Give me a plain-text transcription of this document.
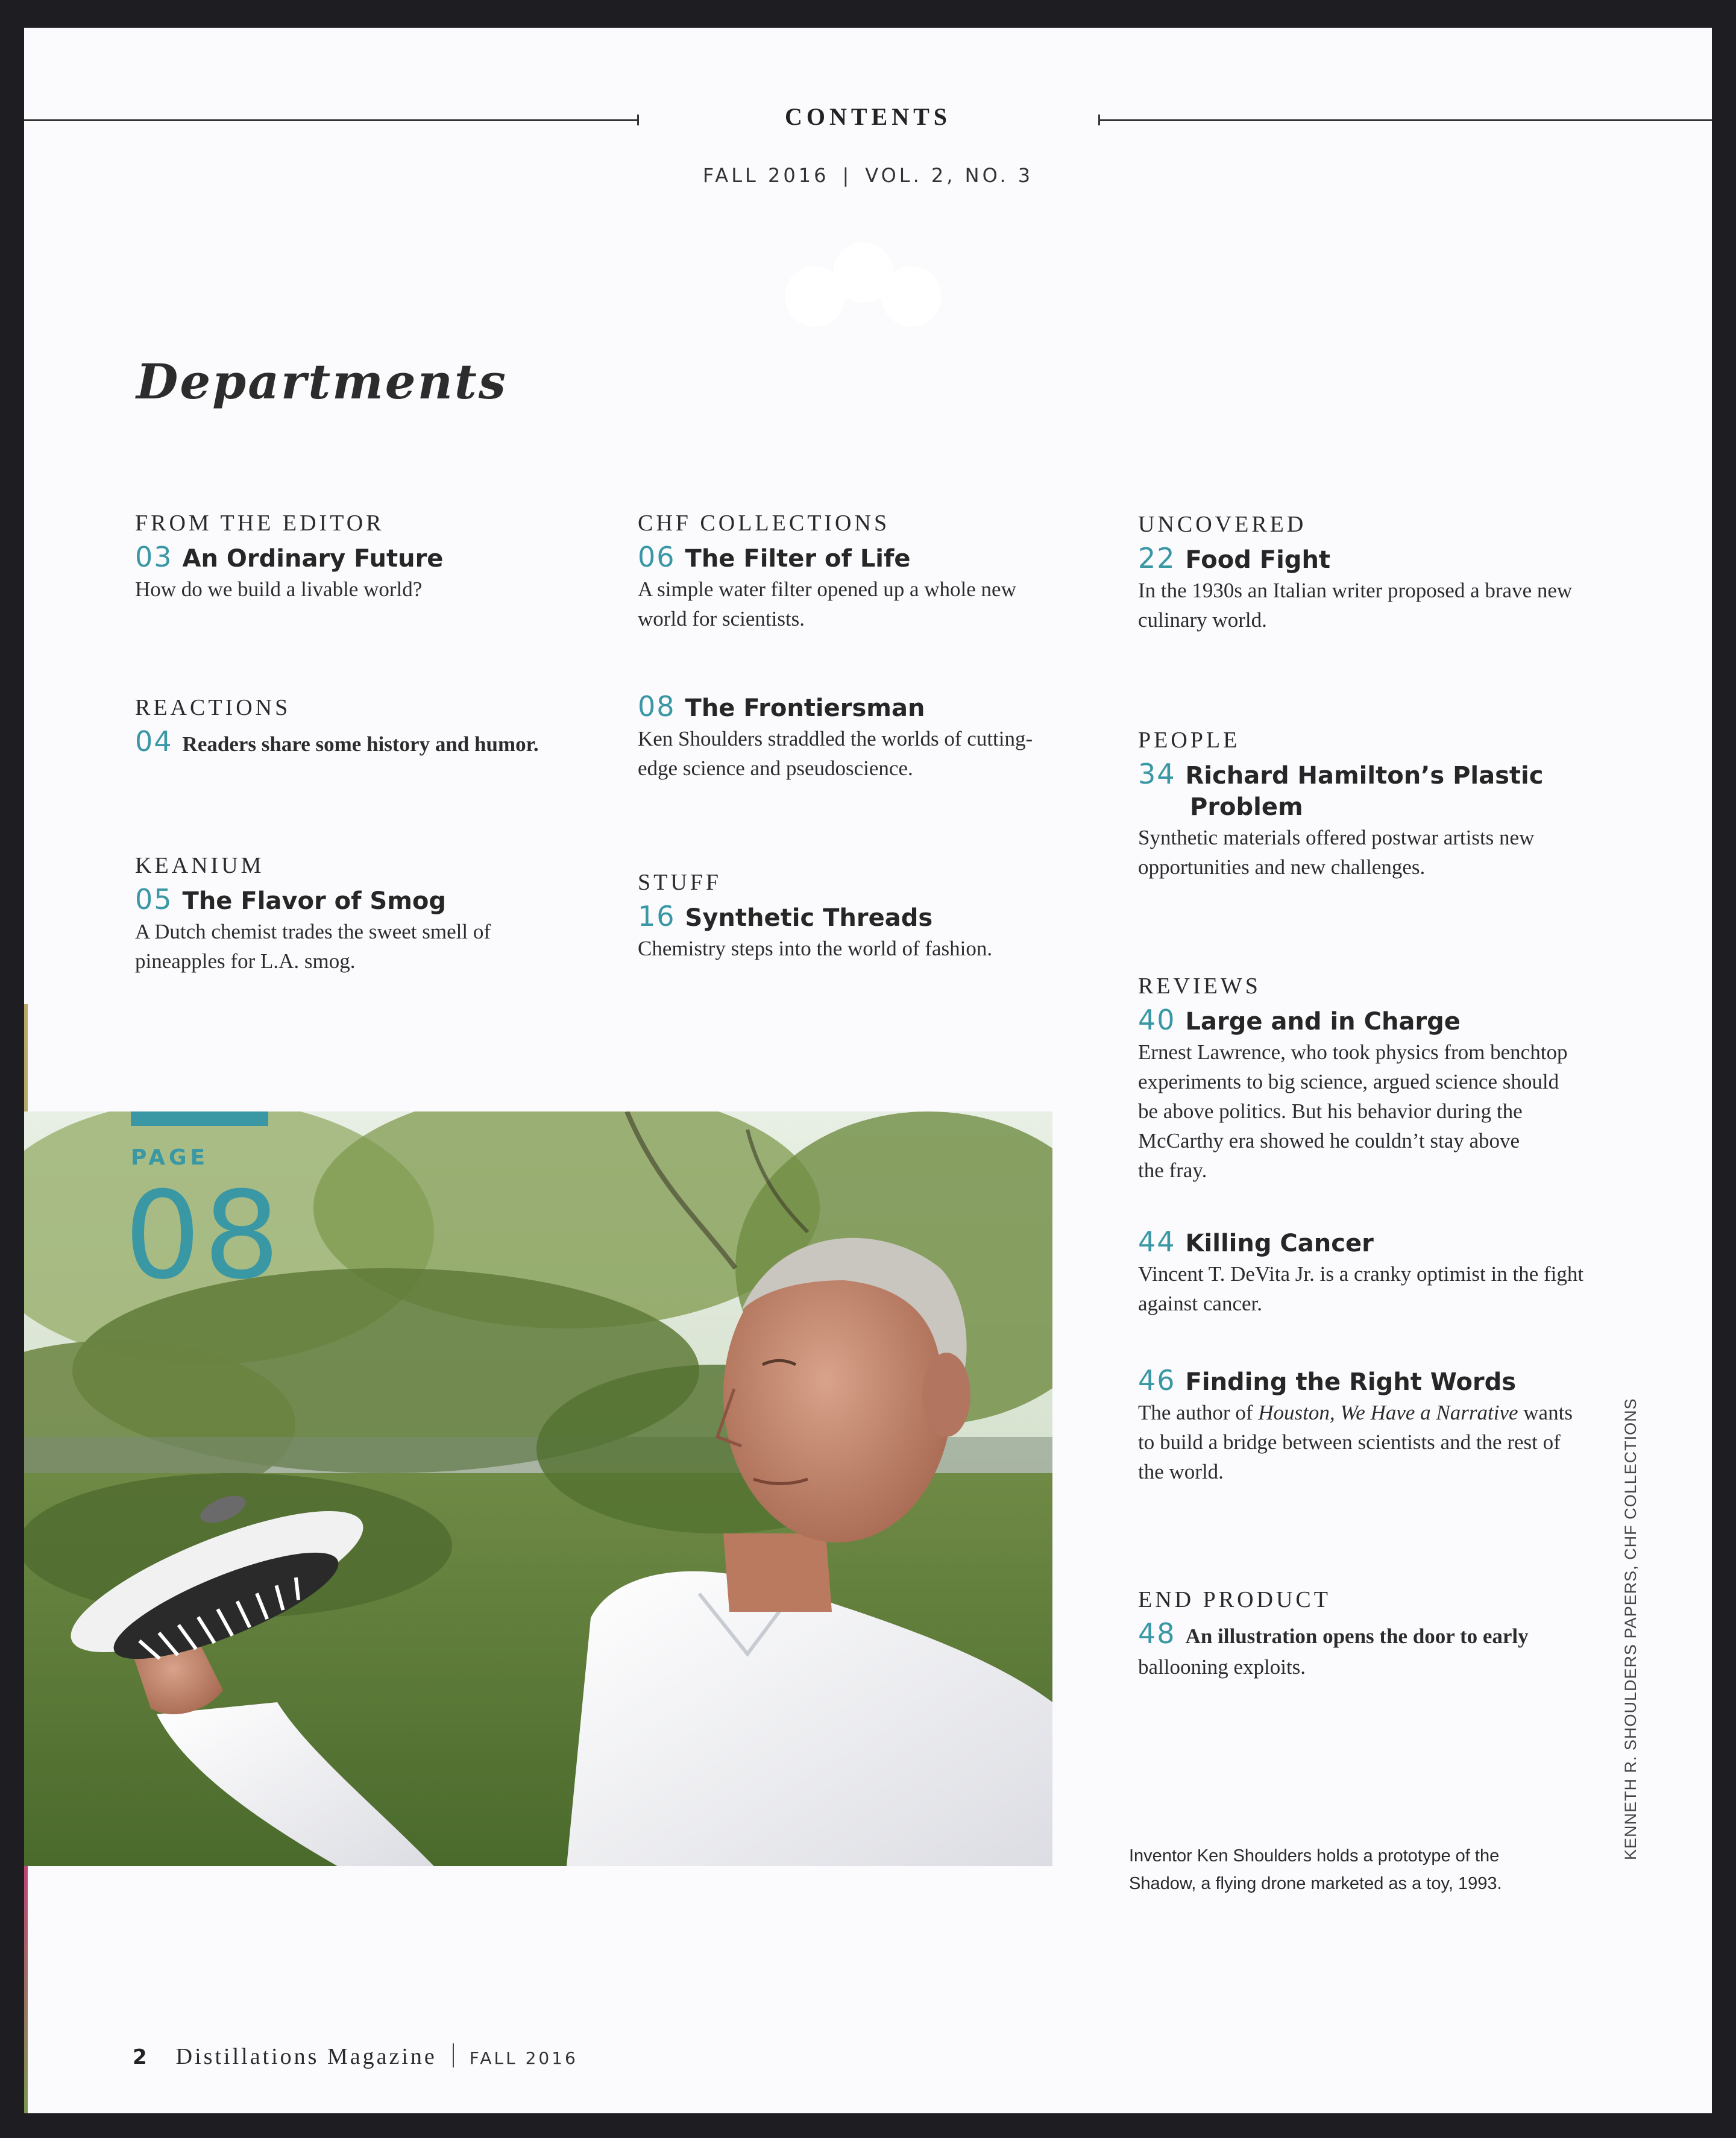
CONTENTS
FALL 2016 | VOL. 2, NO. 3
Departments
FROM THE EDITOR
03 An Ordinary Future
How do we build a livable world?
REACTIONS
04 Readers share some history and humor.
KEANIUM
05 The Flavor of Smog
A Dutch chemist trades the sweet smell of
pineapples for L.A. smog.
CHF COLLECTIONS
06 The Filter of Life
A simple water filter opened up a whole new
world for scientists.
08 The Frontiersman
Ken Shoulders straddled the worlds of cutting-
edge science and pseudoscience.
STUFF
16 Synthetic Threads
Chemistry steps into the world of fashion.
UNCOVERED
22 Food Fight
In the 1930s an Italian writer proposed a brave new
culinary world.
PEOPLE
34 Richard Hamilton’s Plastic
Problem
Synthetic materials offered postwar artists new
opportunities and new challenges.
REVIEWS
40 Large and in Charge
Ernest Lawrence, who took physics from benchtop
experiments to big science, argued science should
be above politics. But his behavior during the
McCarthy era showed he couldn’t stay above
the fray.
44 Killing Cancer
Vincent T. DeVita Jr. is a cranky optimist in the fight
against cancer.
46 Finding the Right Words
The author of Houston, We Have a Narrative wants
to build a bridge between scientists and the rest of
the world.
END PRODUCT
48 An illustration opens the door to early
ballooning exploits.
PAGE
08
Inventor Ken Shoulders holds a prototype of the
Shadow, a flying drone marketed as a toy, 1993.
KENNETH R. SHOULDERS PAPERS, CHF COLLECTIONS
2 Distillations Magazine FALL 2016
